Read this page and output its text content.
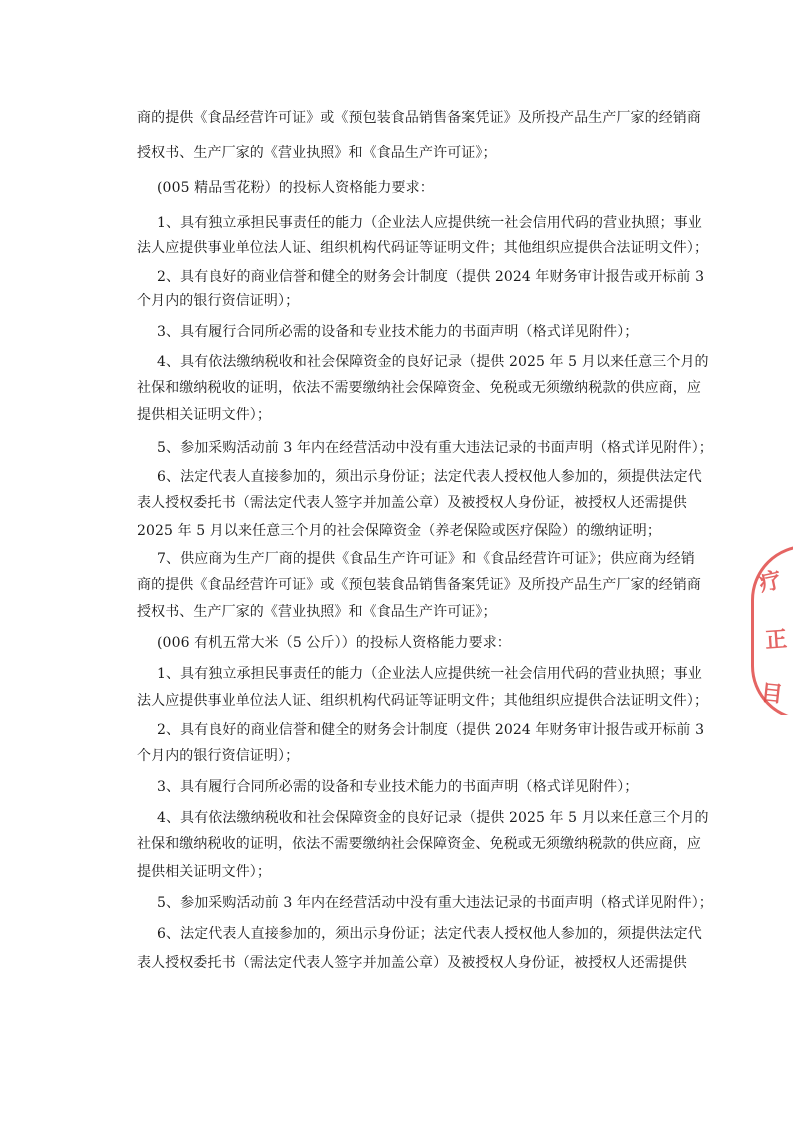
商的提供《食品经营许可证》或《预包装食品销售备案凭证》及所投产品生产厂家的经销商

授权书、生产厂家的《营业执照》和《食品生产许可证》；

(005 精品雪花粉）的投标人资格能力要求：

1、具有独立承担民事责任的能力（企业法人应提供统一社会信用代码的营业执照；事业

法人应提供事业单位法人证、组织机构代码证等证明文件；其他组织应提供合法证明文件）；

2、具有良好的商业信誉和健全的财务会计制度（提供 2024 年财务审计报告或开标前 3

个月内的银行资信证明）；

3、具有履行合同所必需的设备和专业技术能力的书面声明（格式详见附件）；

4、具有依法缴纳税收和社会保障资金的良好记录（提供 2025 年 5 月以来任意三个月的

社保和缴纳税收的证明，依法不需要缴纳社会保障资金、免税或无须缴纳税款的供应商，应

提供相关证明文件）；

5、参加采购活动前 3 年内在经营活动中没有重大违法记录的书面声明（格式详见附件）；

6、法定代表人直接参加的，须出示身份证；法定代表人授权他人参加的，须提供法定代

表人授权委托书（需法定代表人签字并加盖公章）及被授权人身份证，被授权人还需提供

2025 年 5 月以来任意三个月的社会保障资金（养老保险或医疗保险）的缴纳证明；

7、供应商为生产厂商的提供《食品生产许可证》和《食品经营许可证》；供应商为经销

商的提供《食品经营许可证》或《预包装食品销售备案凭证》及所投产品生产厂家的经销商

授权书、生产厂家的《营业执照》和《食品生产许可证》；

(006 有机五常大米（5 公斤））的投标人资格能力要求：

1、具有独立承担民事责任的能力（企业法人应提供统一社会信用代码的营业执照；事业

法人应提供事业单位法人证、组织机构代码证等证明文件；其他组织应提供合法证明文件）；

2、具有良好的商业信誉和健全的财务会计制度（提供 2024 年财务审计报告或开标前 3

个月内的银行资信证明）；

3、具有履行合同所必需的设备和专业技术能力的书面声明（格式详见附件）；

4、具有依法缴纳税收和社会保障资金的良好记录（提供 2025 年 5 月以来任意三个月的

社保和缴纳税收的证明，依法不需要缴纳社会保障资金、免税或无须缴纳税款的供应商，应

提供相关证明文件）；

5、参加采购活动前 3 年内在经营活动中没有重大违法记录的书面声明（格式详见附件）；

6、法定代表人直接参加的，须出示身份证；法定代表人授权他人参加的，须提供法定代

表人授权委托书（需法定代表人签字并加盖公章）及被授权人身份证，被授权人还需提供

疗
正
目
